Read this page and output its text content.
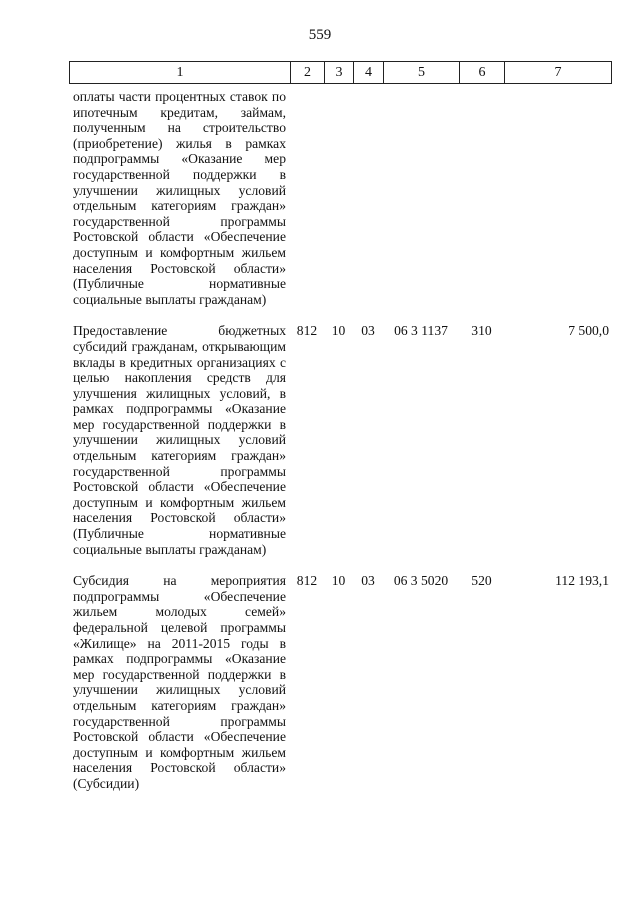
559
1	2	3	4	5	6	7
оплаты части процентных ставок по ипотечным кредитам, займам, полученным на строительство (приобретение) жилья в рамках подпрограммы «Оказание мер государственной поддержки в улучшении жилищных условий отдельным категориям граждан» государственной программы Ростовской области «Обеспечение доступным и комфортным жильем населения Ростовской области» (Публичные нормативные социальные выплаты гражданам)						
Предоставление бюджетных субсидий гражданам, открывающим вклады в кредитных организациях с целью накопления средств для улучшения жилищных условий, в рамках подпрограммы «Оказание мер государственной поддержки в улучшении жилищных условий отдельным категориям граждан» государственной программы Ростовской области «Обеспечение доступным и комфортным жильем населения Ростовской области» (Публичные нормативные социальные выплаты гражданам)	812	10	03	06 3 1137	310	7 500,0
Субсидия на мероприятия подпрограммы «Обеспечение жильем молодых семей» федеральной целевой программы «Жилище» на 2011-2015 годы в рамках подпрограммы «Оказание мер государственной поддержки в улучшении жилищных условий отдельным категориям граждан» государственной программы Ростовской области «Обеспечение доступным и комфортным жильем населения Ростовской области» (Субсидии)	812	10	03	06 3 5020	520	112 193,1
